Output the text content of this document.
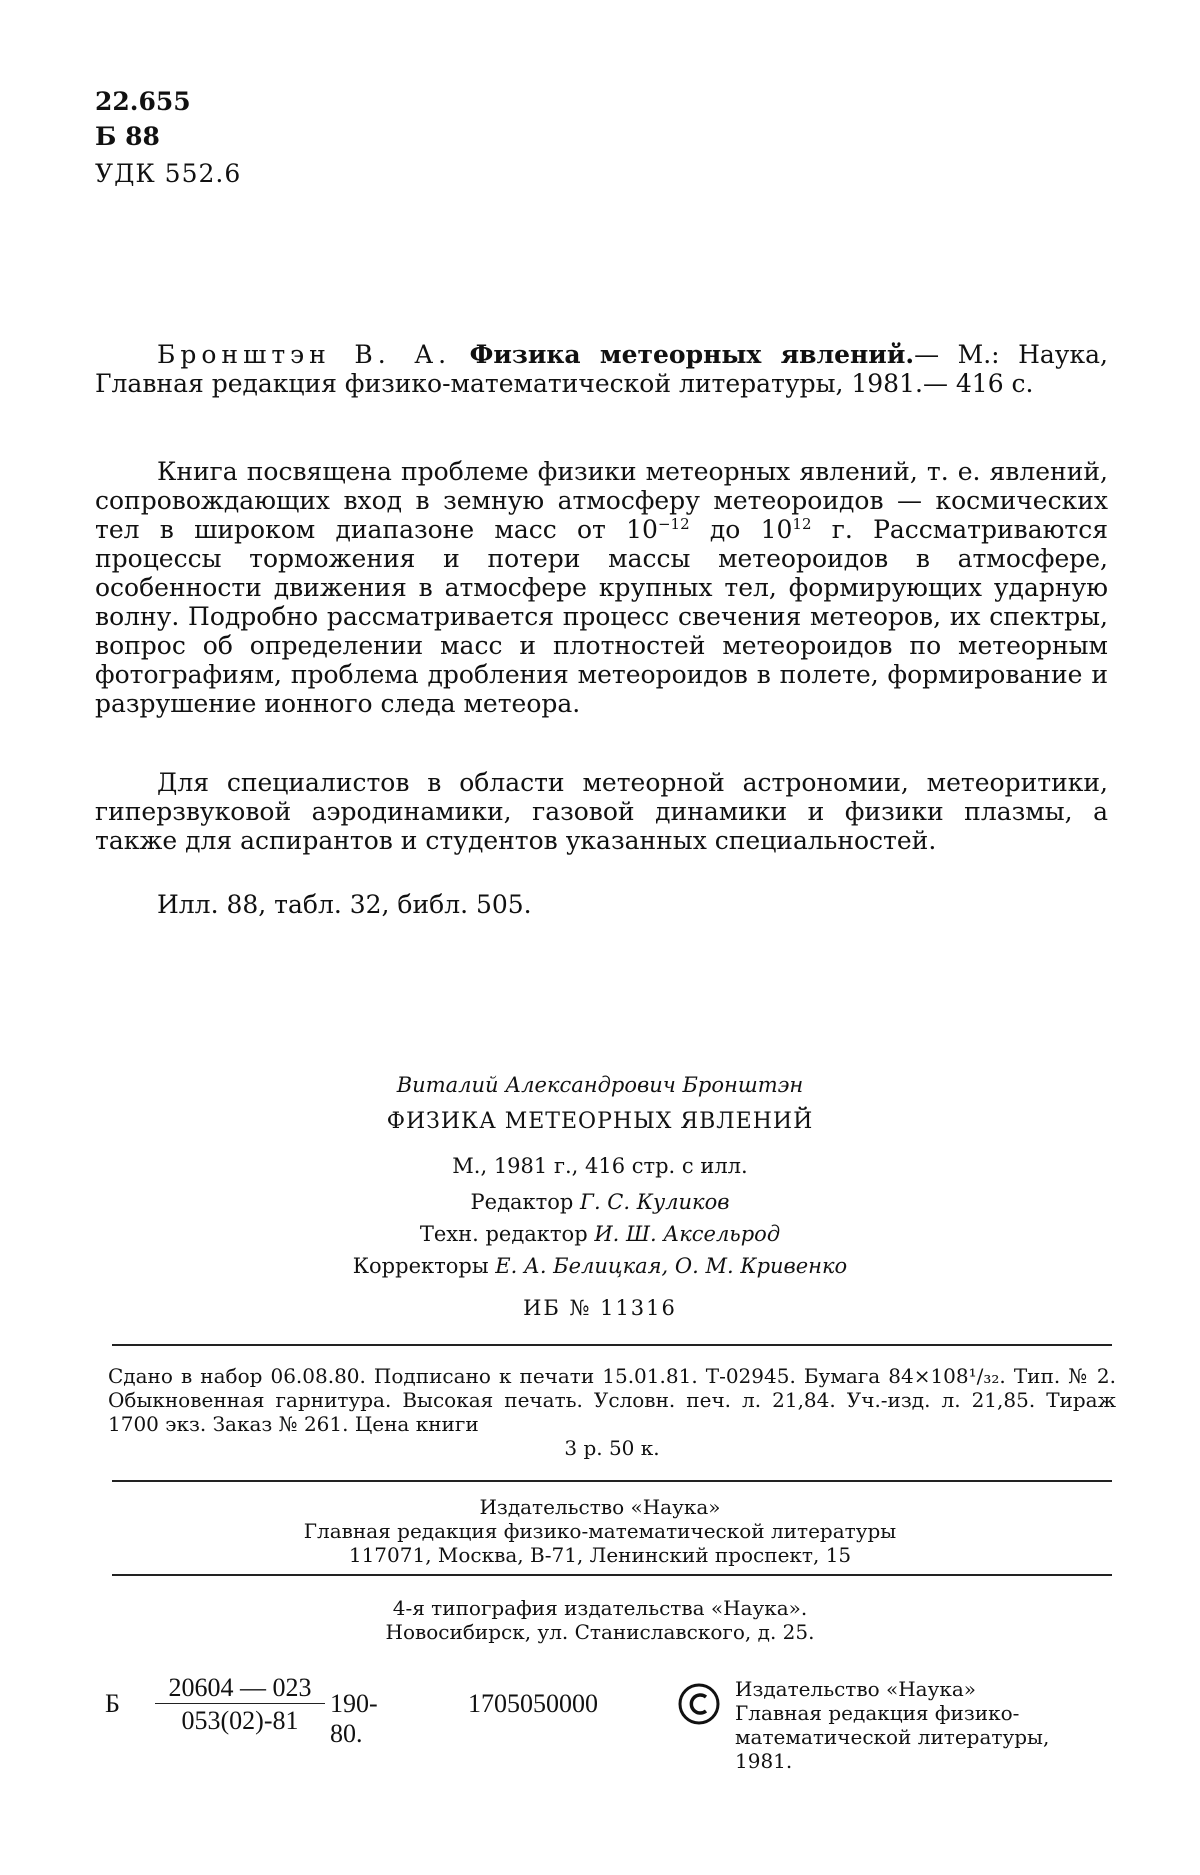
22.655
Б 88
УДК 552.6
Бронштэн В. А. Физика метеорных явлений.— М.: Наука, Главная редакция физико-математической литературы, 1981.— 416 с.
Книга посвящена проблеме физики метеорных явлений, т. е. явлений, сопровождающих вход в земную атмосферу метеороидов — космических тел в широком диапазоне масс от $10^{-12}$ до $10^{12}$ г. Рассматриваются процессы торможения и потери массы метеороидов в атмосфере, особенности движения в атмосфере крупных тел, формирующих ударную волну. Подробно рассматривается процесс свечения метеоров, их спектры, вопрос об определении масс и плотностей метеороидов по метеорным фотографиям, проблема дробления метеороидов в полете, формирование и разрушение ионного следа метеора.
Для специалистов в области метеорной астрономии, метеоритики, гиперзвуковой аэродинамики, газовой динамики и физики плазмы, а также для аспирантов и студентов указанных специальностей.
Илл. 88, табл. 32, библ. 505.
Виталий Александрович Бронштэн
ФИЗИКА МЕТЕОРНЫХ ЯВЛЕНИЙ
М., 1981 г., 416 стр. с илл.
Редактор Г. С. Куликов
Техн. редактор И. Ш. Аксельрод
Корректоры Е. А. Белицкая, О. М. Кривенко
ИБ № 11316
Сдано в набор 06.08.80. Подписано к печати 15.01.81. Т-02945. Бумага 84×108¹/₃₂. Тип. № 2. Обыкновенная гарнитура. Высокая печать. Условн. печ. л. 21,84. Уч.-изд. л. 21,85. Тираж 1700 экз. Заказ № 261. Цена книги
3 р. 50 к.
Издательство «Наука»
Главная редакция физико-математической литературы
117071, Москва, В-71, Ленинский проспект, 15
4-я типография издательства «Наука».
Новосибирск, ул. Станиславского, д. 25.
Б
20604 — 023
053(02)-81
190-80.
1705050000	Издательство «Наука»
Главная редакция физико-
математической литературы,
1981.
